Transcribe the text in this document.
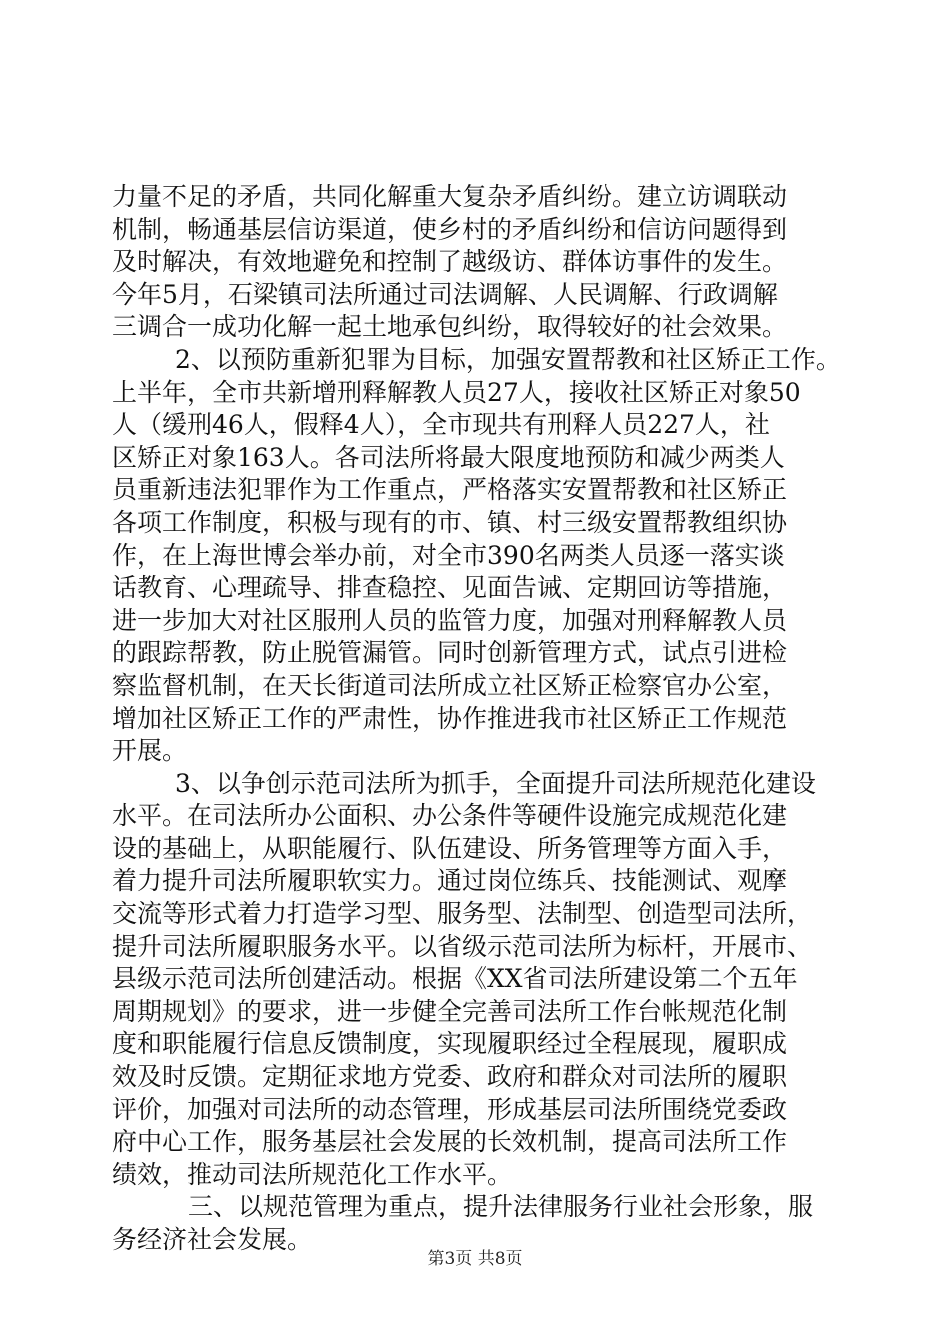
力量不足的矛盾，共同化解重大复杂矛盾纠纷。建立访调联动
机制，畅通基层信访渠道，使乡村的矛盾纠纷和信访问题得到
及时解决，有效地避免和控制了越级访、群体访事件的发生。
今年5月，石梁镇司法所通过司法调解、人民调解、行政调解
三调合一成功化解一起土地承包纠纷，取得较好的社会效果。
2、以预防重新犯罪为目标，加强安置帮教和社区矫正工作。
上半年，全市共新增刑释解教人员27人，接收社区矫正对象50
人（缓刑46人，假释4人），全市现共有刑释人员227人，社
区矫正对象163人。各司法所将最大限度地预防和减少两类人
员重新违法犯罪作为工作重点，严格落实安置帮教和社区矫正
各项工作制度，积极与现有的市、镇、村三级安置帮教组织协
作，在上海世博会举办前，对全市390名两类人员逐一落实谈
话教育、心理疏导、排查稳控、见面告诫、定期回访等措施，
进一步加大对社区服刑人员的监管力度，加强对刑释解教人员
的跟踪帮教，防止脱管漏管。同时创新管理方式，试点引进检
察监督机制，在天长街道司法所成立社区矫正检察官办公室，
增加社区矫正工作的严肃性，协作推进我市社区矫正工作规范
开展。
3、以争创示范司法所为抓手，全面提升司法所规范化建设
水平。在司法所办公面积、办公条件等硬件设施完成规范化建
设的基础上，从职能履行、队伍建设、所务管理等方面入手，
着力提升司法所履职软实力。通过岗位练兵、技能测试、观摩
交流等形式着力打造学习型、服务型、法制型、创造型司法所，
提升司法所履职服务水平。以省级示范司法所为标杆，开展市、
县级示范司法所创建活动。根据《XX省司法所建设第二个五年
周期规划》的要求，进一步健全完善司法所工作台帐规范化制
度和职能履行信息反馈制度，实现履职经过全程展现，履职成
效及时反馈。定期征求地方党委、政府和群众对司法所的履职
评价，加强对司法所的动态管理，形成基层司法所围绕党委政
府中心工作，服务基层社会发展的长效机制，提高司法所工作
绩效，推动司法所规范化工作水平。
三、以规范管理为重点，提升法律服务行业社会形象，服
务经济社会发展。
第3页 共8页
